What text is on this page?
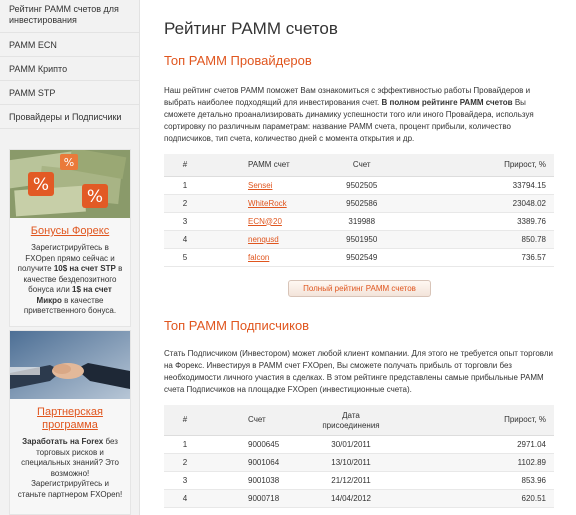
Рейтинг РАММ счетов для инвестирования
РАММ ECN
РАММ Крипто
РАММ STP
Провайдеры и Подписчики
%
%
%
Бонусы Форекс
Зарегистрируйтесь в FXOpen прямо сейчас и получите 10$ на счет STP в качестве бездепозитного бонуса или 1$ на счет Микро в качестве приветственного бонуса.
Партнерская программа
Заработать на Forex без торговых рисков и специальных знаний? Это возможно! Зарегистрируйтесь и станьте партнером FXOpen!
Рейтинг РАММ счетов
Топ РАММ Провайдеров

Наш рейтинг счетов РАММ поможет Вам ознакомиться с эффективностью работы Провайдеров и выбрать наиболее подходящий для инвестирования счет. В полном рейтинге РАММ счетов Вы сможете детально проанализировать динамику успешности того или иного Провайдера, используя сортировку по различным параметрам: название РАММ счета, процент прибыли, количество подписчиков, тип счета, количество дней с момента открытия и др.

#	РАММ счет	Счет	Прирост, %
1	Sensei	9502505	33794.15
2	WhiteRock	9502586	23048.02
3	ECN@20	319988	3389.76
4	nenqusd	9501950	850.78
5	falcon	9502549	736.57
Полный рейтинг РАММ счетов
Топ РАММ Подписчиков

Стать Подписчиком (Инвестором) может любой клиент компании. Для этого не требуется опыт торговли на Форекс. Инвестируя в РАММ счет FXOpen, Вы сможете получать прибыль от торговли без необходимости личного участия в сделках. В этом рейтинге представлены самые прибыльные РАММ счета Подписчиков на площадке FXOpen (инвестиционные счета).

#	Счет	Дата присоединения	Прирост, %
1	9000645	30/01/2011	2971.04
2	9001064	13/10/2011	1102.89
3	9001038	21/12/2011	853.96
4	9000718	14/04/2012	620.51
